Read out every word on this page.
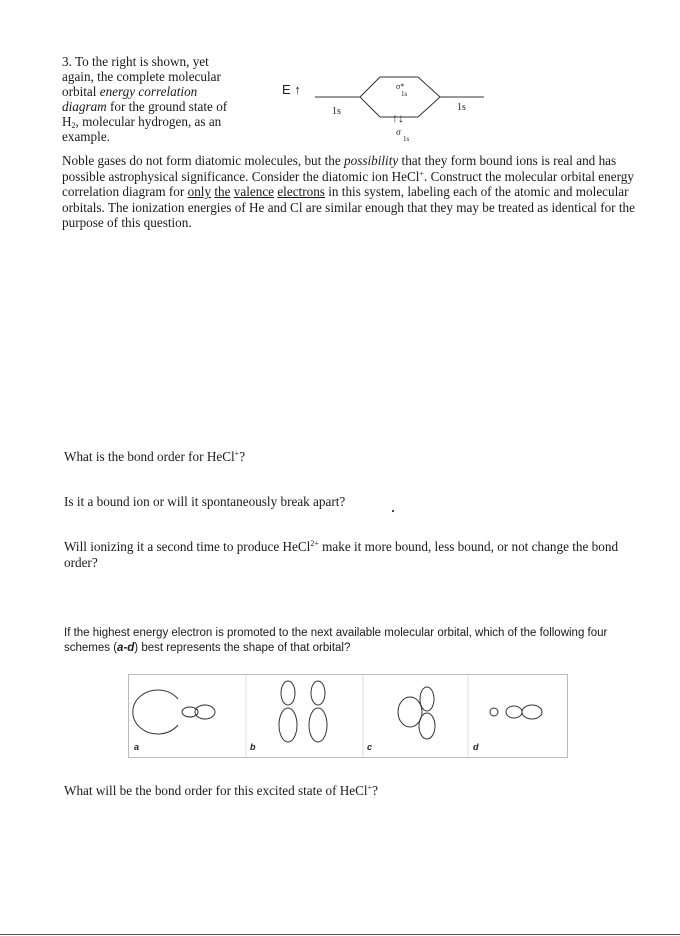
3. To the right is shown, yet again, the complete molecular orbital energy correlation diagram for the ground state of $H_2$, molecular hydrogen, as an example.
E ↑
1s	1s
σ*
1s
↑↓
σ
1s
Noble gases do not form diatomic molecules, but the possibility that they form bound ions is real and has possible astrophysical significance. Consider the diatomic ion HeCl+. Construct the molecular orbital energy correlation diagram for only the valence electrons in this system, labeling each of the atomic and molecular orbitals. The ionization energies of He and Cl are similar enough that they may be treated as identical for the purpose of this question.
What is the bond order for HeCl+?
Is it a bound ion or will it spontaneously break apart?
Will ionizing it a second time to produce HeCl$^{2+}$ make it more bound, less bound, or not change the bond order?
If the highest energy electron is promoted to the next available molecular orbital, which of the following four schemes (a-d) best represents the shape of that orbital?
a	b	c	d
What will be the bond order for this excited state of HeCl+?
